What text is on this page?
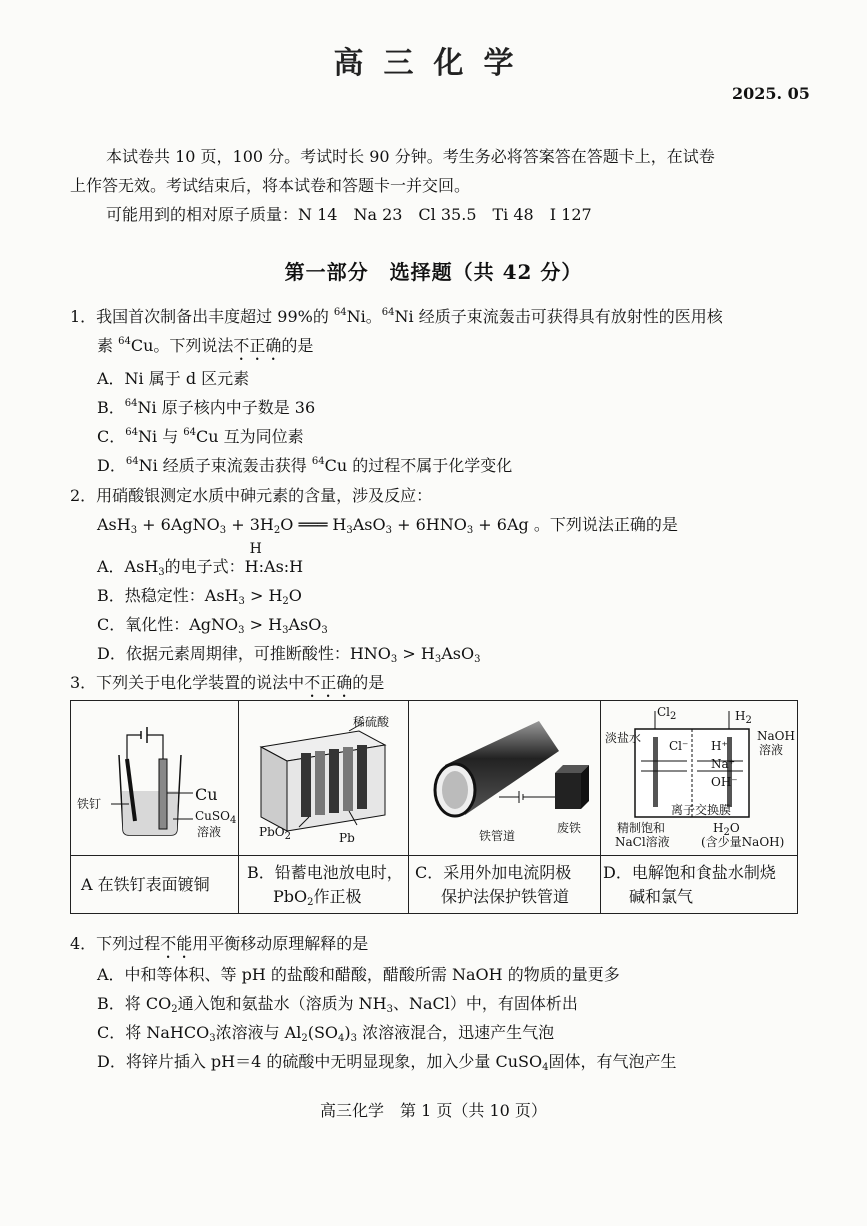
高三化学
2025. 05
本试卷共 10 页，100 分。考试时长 90 分钟。考生务必将答案答在答题卡上，在试卷
上作答无效。考试结束后，将本试卷和答题卡一并交回。
可能用到的相对原子质量：N 14　Na 23　Cl 35.5　Ti 48　I 127
第一部分　选择题（共 42 分）
1．我国首次制备出丰度超过 99%的 $^{64}$Ni。$^{64}$Ni 经质子束流轰击可获得具有放射性的医用核
素 $^{64}$Cu。下列说法不正确的是
A．Ni 属于 d 区元素
B．$^{64}$Ni 原子核内中子数是 36
C．$^{64}$Ni 与 $^{64}$Cu 互为同位素
D．$^{64}$Ni 经质子束流轰击获得 $^{64}$Cu 的过程不属于化学变化
2．用硝酸银测定水质中砷元素的含量，涉及反应：
AsH$_3$ + 6AgNO$_3$ + $3H_2O$ ═══ $H_3AsO_3 + 6HNO_3 + 6Ag$ 。下列说法正确的是
A．AsH$_3$的电子式：
H
H:As:H
B．热稳定性：$AsH_3 > H_2O$
C．氧化性：AgNO$_3$ > $H_3AsO_3$
D．依据元素周期律，可推断酸性：$HNO_3 > H_3AsO_3$
3．下列关于电化学装置的说法中不正确的是
Cu
铁钉
CuSO$_4$
溶液
稀硫酸
PbO$_2$	Pb	铁管道
废铁
$Cl_2$	$H_2$
淡盐水	NaOH
溶液
Cl⁻ H⁺
Na⁺
OH⁻
离子交换膜
精制饱和
NaCl溶液
$H_2O$
(含少量NaOH)
A 在铁钉表面镀铜
B．铅蓄电池放电时，
PbO$_2$作正极
C．采用外加电流阴极
保护法保护铁管道
D．电解饱和食盐水制烧
碱和氯气
4．下列过程不能用平衡移动原理解释的是
A．中和等体积、等 pH 的盐酸和醋酸，醋酸所需 NaOH 的物质的量更多
B．将 $CO_2$通入饱和氨盐水（溶质为 $NH_3$、NaCl）中，有固体析出
C．将 NaHCO$_3$浓溶液与 $Al_2(SO_4)_3$ 浓溶液混合，迅速产生气泡
D．将锌片插入 pH＝4 的硫酸中无明显现象，加入少量 CuSO$_4$固体，有气泡产生
高三化学　第 1 页（共 10 页）
